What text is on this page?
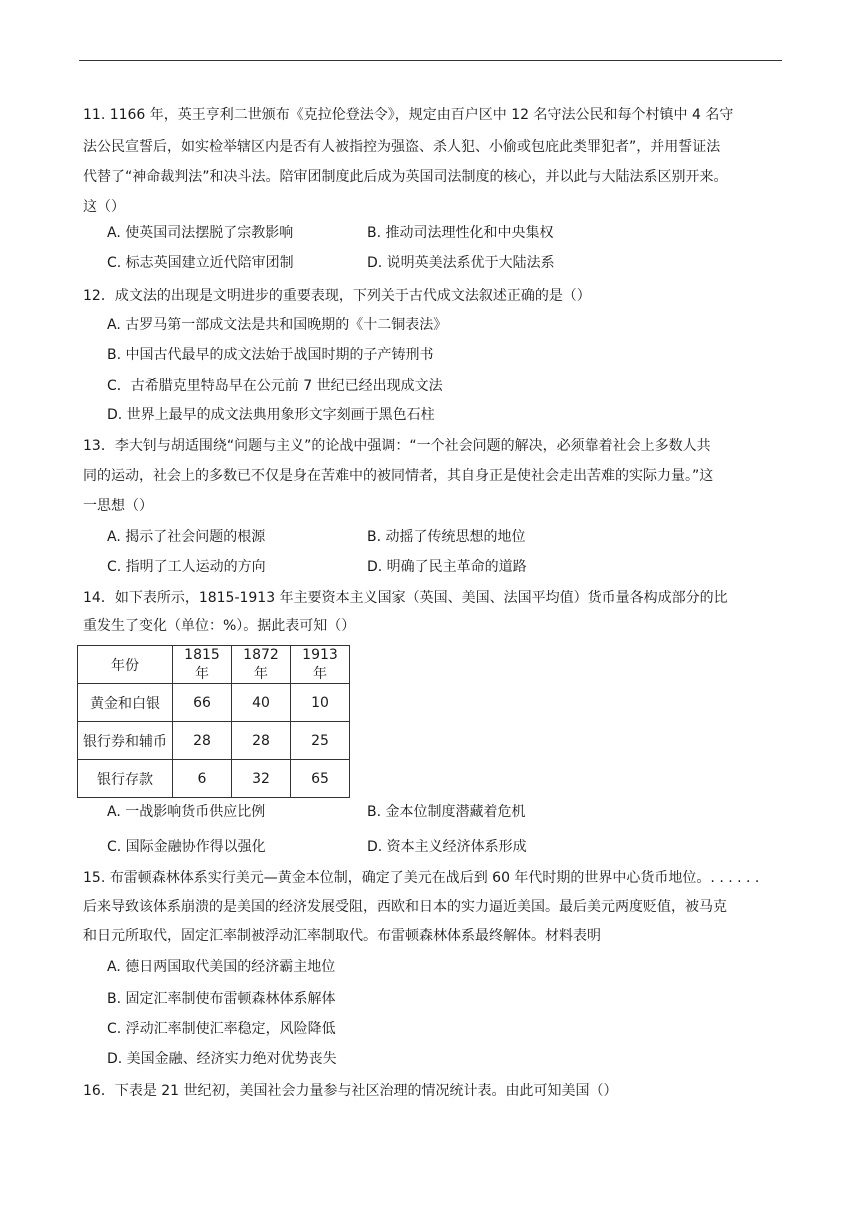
11. 1166 年，英王亨利二世颁布《克拉伦登法令》，规定由百户区中 12 名守法公民和每个村镇中 4 名守
法公民宣誓后，如实检举辖区内是否有人被指控为强盗、杀人犯、小偷或包庇此类罪犯者”，并用誓证法
代替了“神命裁判法”和决斗法。陪审团制度此后成为英国司法制度的核心，并以此与大陆法系区别开来。
这（）
A. 使英国司法摆脱了宗教影响	B. 推动司法理性化和中央集权
C. 标志英国建立近代陪审团制	D. 说明英美法系优于大陆法系
12．成文法的出现是文明进步的重要表现，下列关于古代成文法叙述正确的是（）
A. 古罗马第一部成文法是共和国晚期的《十二铜表法》
B. 中国古代最早的成文法始于战国时期的子产铸刑书
C．古希腊克里特岛早在公元前 7 世纪已经出现成文法
D. 世界上最早的成文法典用象形文字刻画于黑色石柱
13．李大钊与胡适围绕“问题与主义”的论战中强调：“一个社会问题的解决，必须靠着社会上多数人共
同的运动，社会上的多数已不仅是身在苦难中的被同情者，其自身正是使社会走出苦难的实际力量。”这
一思想（）
A. 揭示了社会问题的根源	B. 动摇了传统思想的地位
C. 指明了工人运动的方向	D. 明确了民主革命的道路
14．如下表所示，1815-1913 年主要资本主义国家（英国、美国、法国平均值）货币量各构成部分的比
重发生了变化（单位：%）。据此表可知（）
年份	1815 年	1872 年	1913 年
黄金和白银	66	40	10
银行券和辅币	28	28	25
银行存款	6	32	65
A. 一战影响货币供应比例	B. 金本位制度潜藏着危机
C. 国际金融协作得以强化	D. 资本主义经济体系形成
15. 布雷顿森林体系实行美元—黄金本位制，确定了美元在战后到 60 年代时期的世界中心货币地位。. . . . . .
后来导致该体系崩溃的是美国的经济发展受阻，西欧和日本的实力逼近美国。最后美元两度贬值，被马克
和日元所取代，固定汇率制被浮动汇率制取代。布雷顿森林体系最终解体。材料表明
A. 德日两国取代美国的经济霸主地位
B. 固定汇率制使布雷顿森林体系解体
C. 浮动汇率制使汇率稳定，风险降低
D. 美国金融、经济实力绝对优势丧失
16．下表是 21 世纪初，美国社会力量参与社区治理的情况统计表。由此可知美国（）
